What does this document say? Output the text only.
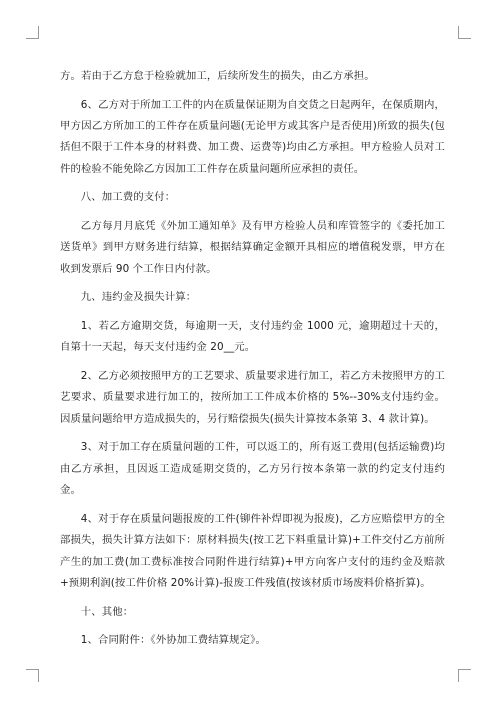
方。若由于乙方怠于检验就加工，后续所发生的损失，由乙方承担。

6、乙方对于所加工工件的内在质量保证期为自交货之日起两年，在保质期内，甲方因乙方所加工的工件存在质量问题(无论甲方或其客户是否使用)所致的损失(包括但不限于工件本身的材料费、加工费、运费等)均由乙方承担。甲方检验人员对工件的检验不能免除乙方因加工工件存在质量问题所应承担的责任。

八、加工费的支付：

乙方每月月底凭《外加工通知单》及有甲方检验人员和库管签字的《委托加工送货单》到甲方财务进行结算，根据结算确定金额开具相应的增值税发票，甲方在收到发票后 90 个工作日内付款。

九、违约金及损失计算：

1、若乙方逾期交货，每逾期一天，支付违约金 1000 元，逾期超过十天的，自第十一天起，每天支付违约金 20__元。

2、乙方必须按照甲方的工艺要求、质量要求进行加工，若乙方未按照甲方的工艺要求、质量要求进行加工的，按所加工工件成本价格的 5%--30%支付违约金。因质量问题给甲方造成损失的，另行赔偿损失(损失计算按本条第 3、4 款计算)。

3、对于加工存在质量问题的工件，可以返工的，所有返工费用(包括运输费)均由乙方承担，且因返工造成延期交货的，乙方另行按本条第一款的约定支付违约金。

4、对于存在质量问题报废的工件(铆件补焊即视为报废)，乙方应赔偿甲方的全部损失，损失计算方法如下：原材料损失(按工艺下料重量计算)+工件交付乙方前所产生的加工费(加工费标准按合同附件进行结算)+甲方向客户支付的违约金及赔款+预期利润(按工件价格 20%计算)-报废工件残值(按该材质市场废料价格折算)。

十、其他：

1、合同附件：《外协加工费结算规定》。
